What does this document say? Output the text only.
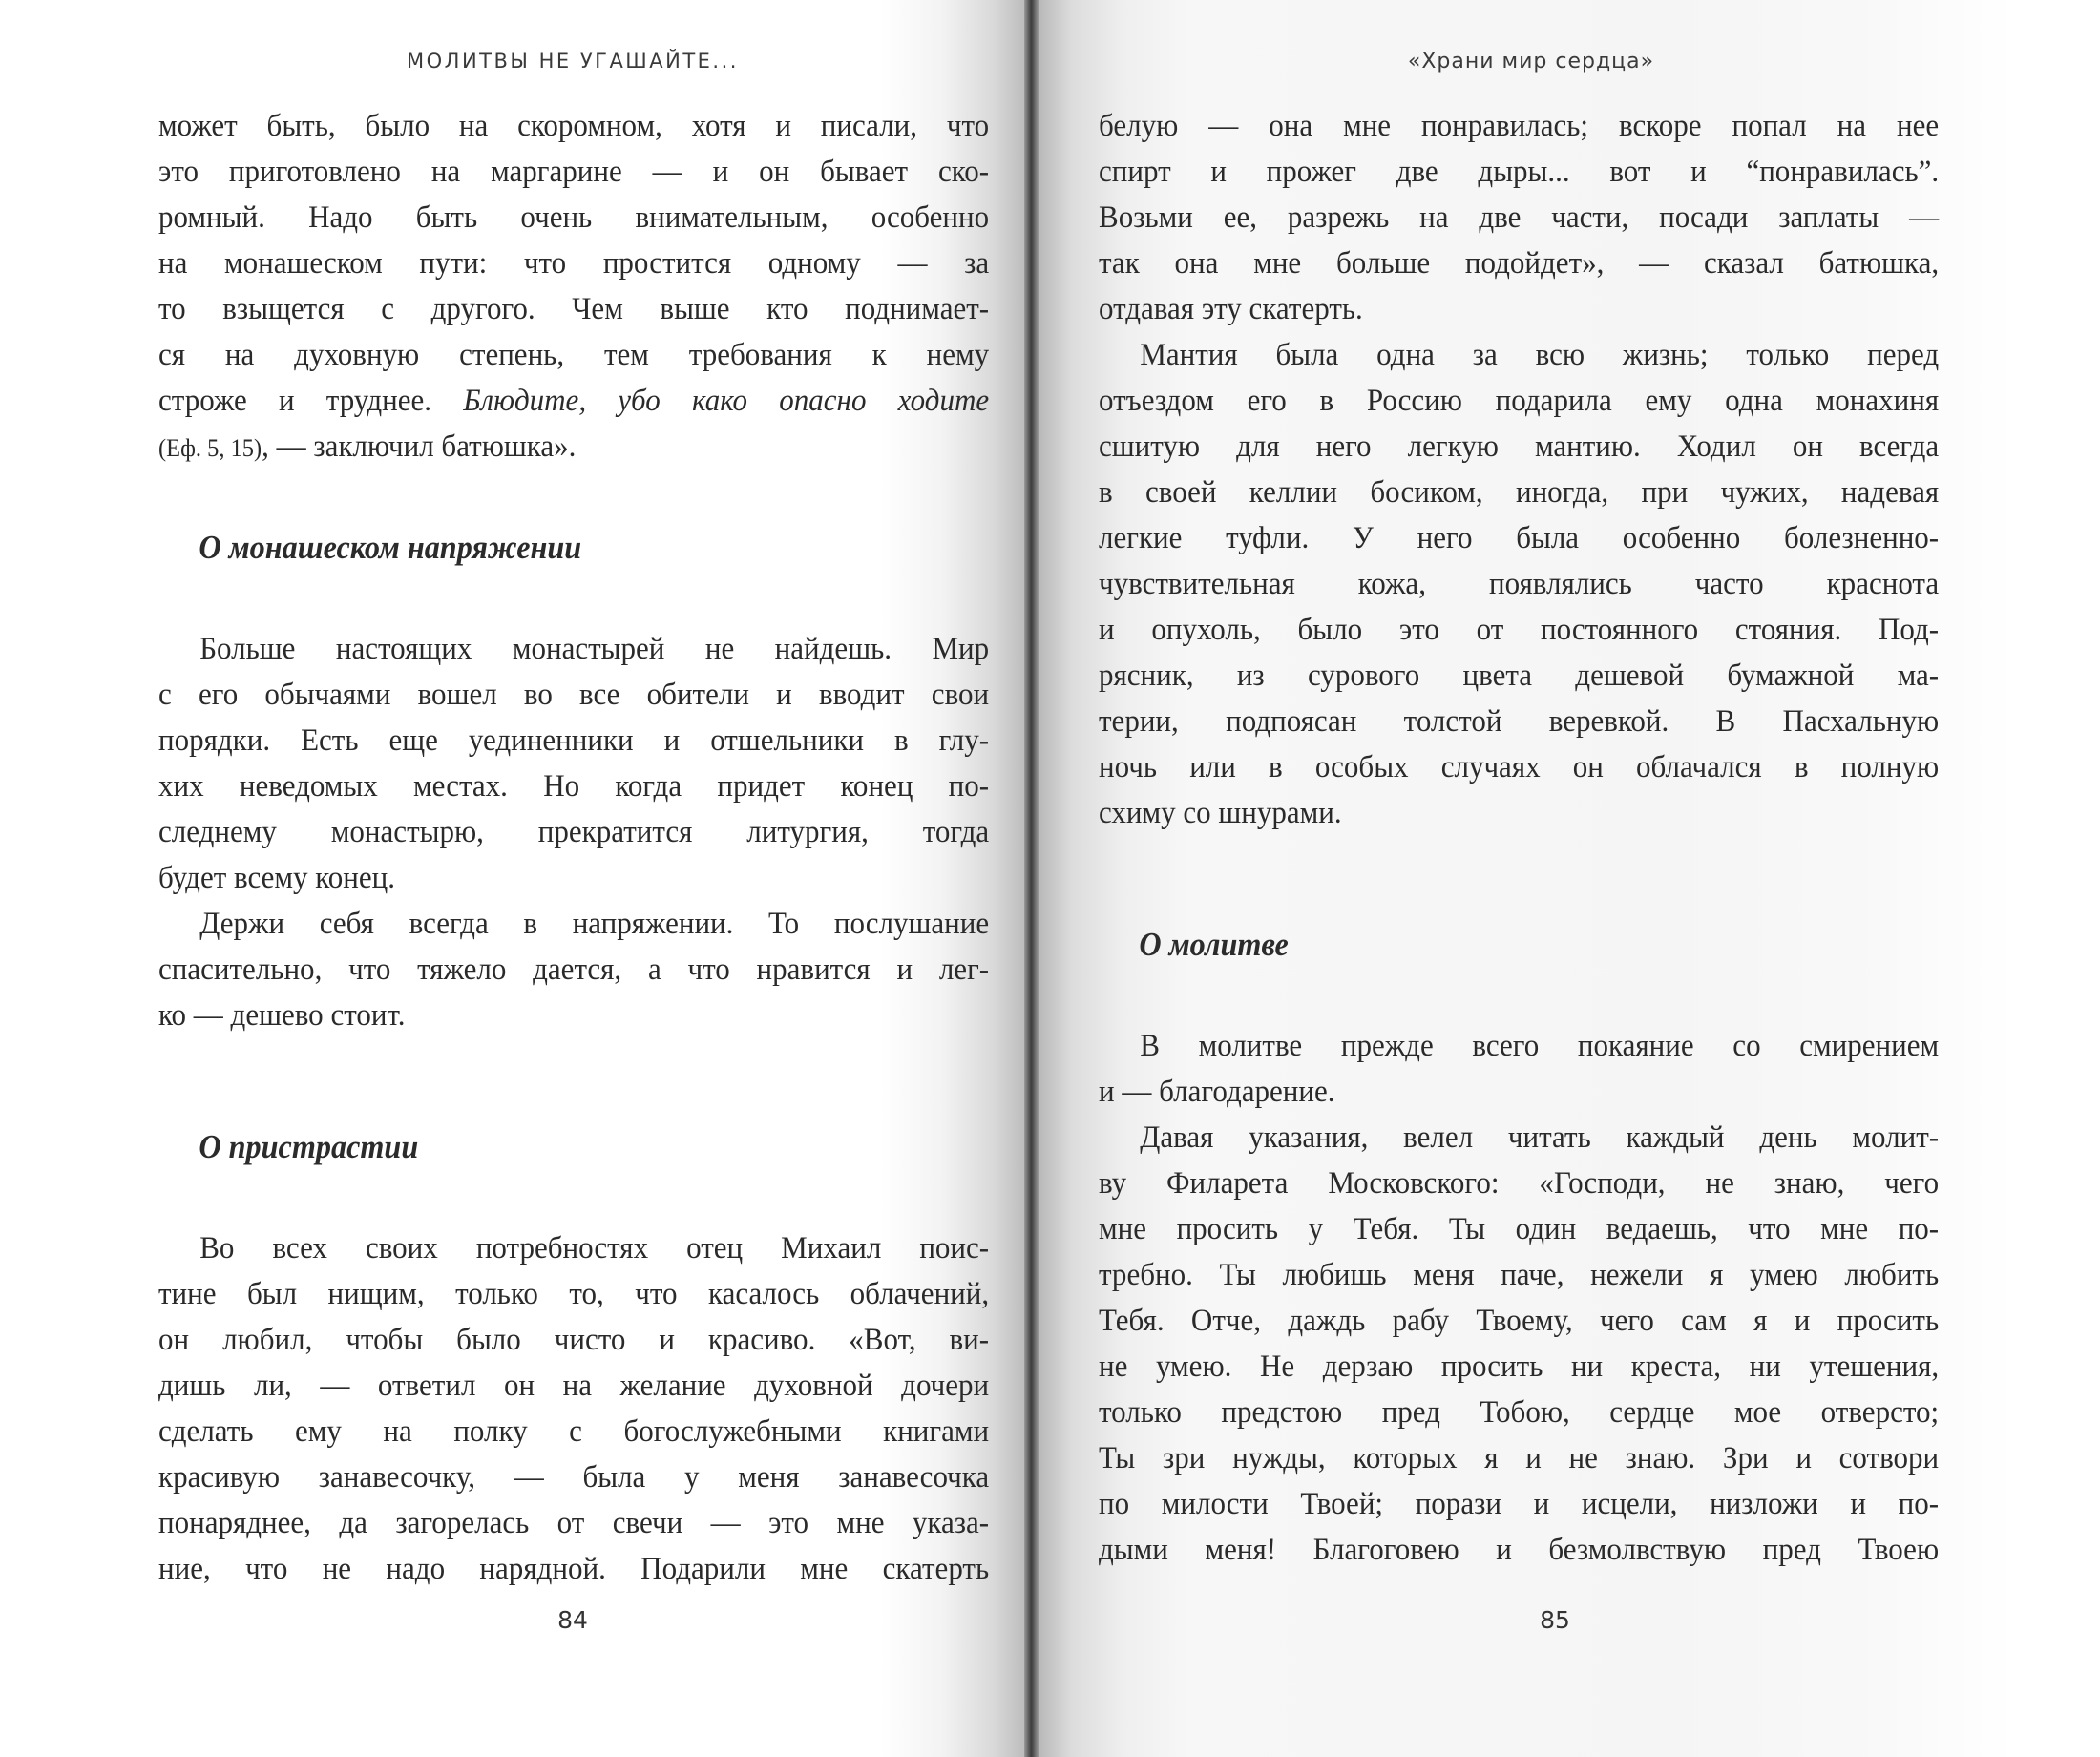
МОЛИТВЫ НЕ УГАШАЙТЕ...
может быть, было на скоромном, хотя и писали, что
это приготовлено на маргарине — и он бывает ско-
ромный. Надо быть очень внимательным, особенно
на монашеском пути: что простится одному — за
то взыщется с другого. Чем выше кто поднимает-
ся на духовную степень, тем требования к нему
строже и труднее. Блюдите, убо како опасно ходите
(Еф. 5, 15), — заключил батюшка».
О монашеском напряжении
Больше настоящих монастырей не найдешь. Мир
с его обычаями вошел во все обители и вводит свои
порядки. Есть еще уединенники и отшельники в глу-
хих неведомых местах. Но когда придет конец по-
следнему монастырю, прекратится литургия, тогда
будет всему конец.
Держи себя всегда в напряжении. То послушание
спасительно, что тяжело дается, а что нравится и лег-
ко — дешево стоит.
О пристрастии
Во всех своих потребностях отец Михаил поис-
тине был нищим, только то, что касалось облачений,
он любил, чтобы было чисто и красиво. «Вот, ви-
дишь ли, — ответил он на желание духовной дочери
сделать ему на полку с богослужебными книгами
красивую занавесочку, — была у меня занавесочка
понаряднее, да загорелась от свечи — это мне указа-
ние, что не надо нарядной. Подарили мне скатерть
84
«Храни мир сердца»
белую — она мне понравилась; вскоре попал на нее
спирт и прожег две дыры... вот и “понравилась”.
Возьми ее, разрежь на две части, посади заплаты —
так она мне больше подойдет», — сказал батюшка,
отдавая эту скатерть.
Мантия была одна за всю жизнь; только перед
отъездом его в Россию подарила ему одна монахиня
сшитую для него легкую мантию. Ходил он всегда
в своей келлии босиком, иногда, при чужих, надевая
легкие туфли. У него была особенно болезненно-
чувствительная кожа, появлялись часто краснота
и опухоль, было это от постоянного стояния. Под-
рясник, из сурового цвета дешевой бумажной ма-
терии, подпоясан толстой веревкой. В Пасхальную
ночь или в особых случаях он облачался в полную
схиму со шнурами.
О молитве
В молитве прежде всего покаяние со смирением
и — благодарение.
Давая указания, велел читать каждый день молит-
ву Филарета Московского: «Господи, не знаю, чего
мне просить у Тебя. Ты один ведаешь, что мне по-
требно. Ты любишь меня паче, нежели я умею любить
Тебя. Отче, даждь рабу Твоему, чего сам я и просить
не умею. Не дерзаю просить ни креста, ни утешения,
только предстою пред Тобою, сердце мое отверсто;
Ты зри нужды, которых я и не знаю. Зри и сотвори
по милости Твоей; порази и исцели, низложи и по-
дыми меня! Благоговею и безмолвствую пред Твоею
85
